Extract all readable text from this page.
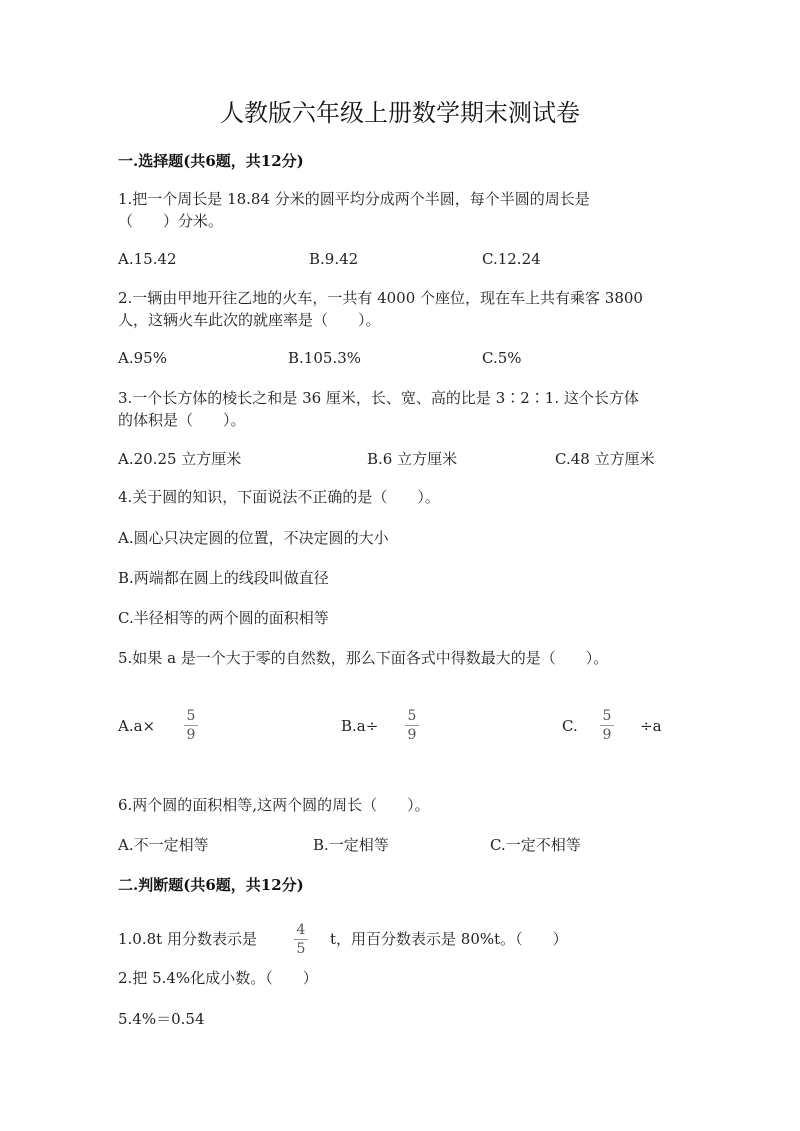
人教版六年级上册数学期末测试卷
一.选择题(共6题，共12分)
1.把一个周长是 18.84 分米的圆平均分成两个半圆，每个半圆的周长是
（　　）分米。
A.15.42	B.9.42	C.12.24
2.一辆由甲地开往乙地的火车，一共有 4000 个座位，现在车上共有乘客 3800
人，这辆火车此次的就座率是（　　）。
A.95%	B.105.3%	C.5%
3.一个长方体的棱长之和是 36 厘米，长、宽、高的比是 3∶2∶1. 这个长方体
的体积是（　　）。
A.20.25 立方厘米	B.6 立方厘米	C.48 立方厘米
4.关于圆的知识，下面说法不正确的是（　　）。
A.圆心只决定圆的位置，不决定圆的大小
B.两端都在圆上的线段叫做直径
C.半径相等的两个圆的面积相等
5.如果 a 是一个大于零的自然数，那么下面各式中得数最大的是（　　）。
A.a×
5
9	B.a÷
5
9	C.
5
9	÷a
6.两个圆的面积相等,这两个圆的周长（　　）。
A.不一定相等	B.一定相等	C.一定不相等
二.判断题(共6题，共12分)
1.0.8t 用分数表示是	4
5
t，用百分数表示是 80%t。（　　）
2.把 5.4%化成小数。（　　）
5.4%＝0.54
